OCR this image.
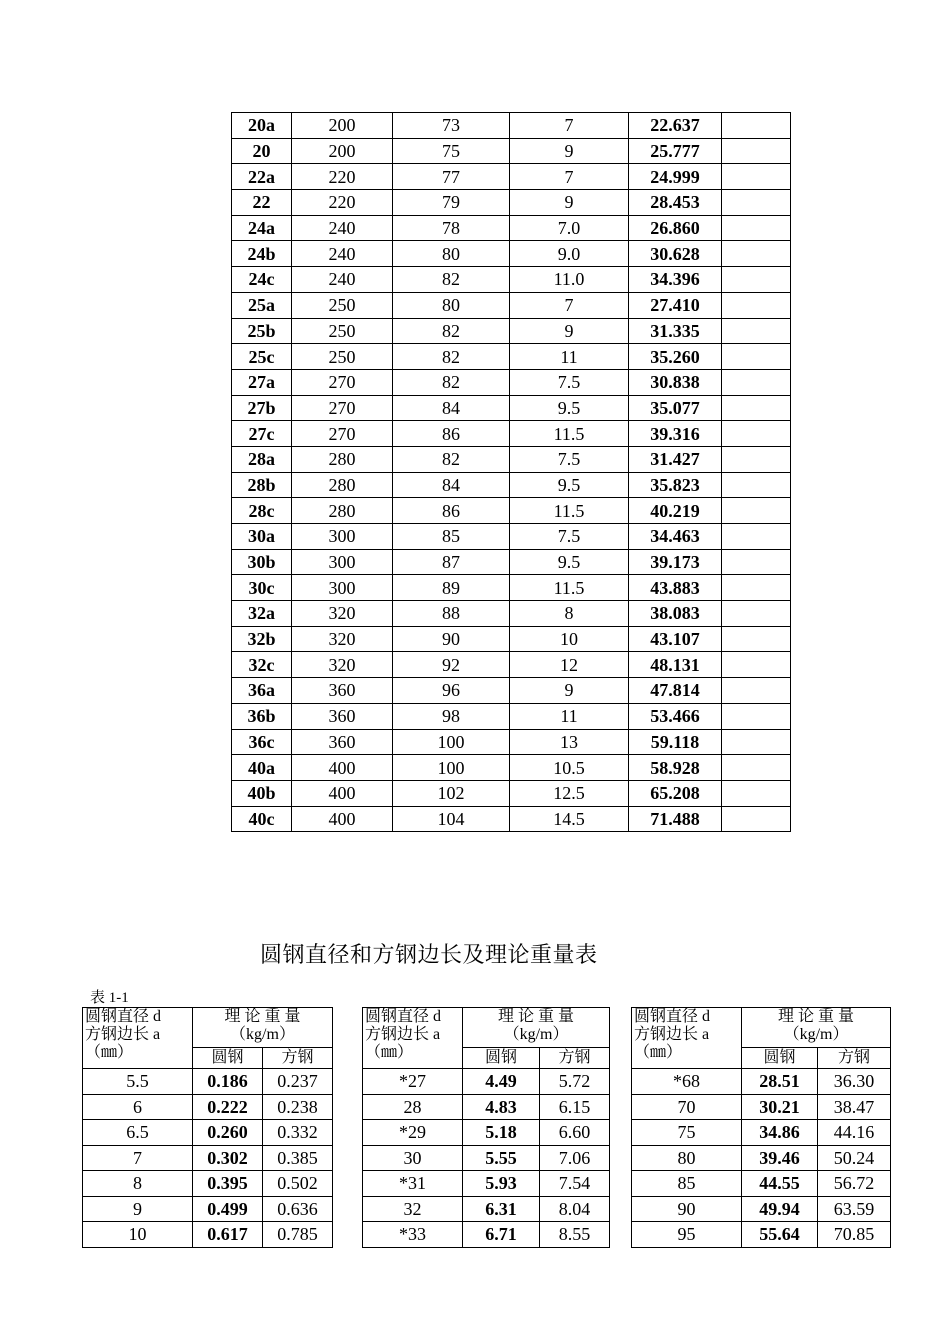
20a	200	73	7	22.637	
20	200	75	9	25.777	
22a	220	77	7	24.999	
22	220	79	9	28.453	
24a	240	78	7.0	26.860	
24b	240	80	9.0	30.628	
24c	240	82	11.0	34.396	
25a	250	80	7	27.410	
25b	250	82	9	31.335	
25c	250	82	11	35.260	
27a	270	82	7.5	30.838	
27b	270	84	9.5	35.077	
27c	270	86	11.5	39.316	
28a	280	82	7.5	31.427	
28b	280	84	9.5	35.823	
28c	280	86	11.5	40.219	
30a	300	85	7.5	34.463	
30b	300	87	9.5	39.173	
30c	300	89	11.5	43.883	
32a	320	88	8	38.083	
32b	320	90	10	43.107	
32c	320	92	12	48.131	
36a	360	96	9	47.814	
36b	360	98	11	53.466	
36c	360	100	13	59.118	
40a	400	100	10.5	58.928	
40b	400	102	12.5	65.208	
40c	400	104	14.5	71.488	
圆钢直径和方钢边长及理论重量表
表 1-1
圆钢直径 d
方钢边长 a
（㎜）	理 论 重 量
（kg/m）			圆钢直径 d
方钢边长 a
（㎜）	理 论 重 量
（kg/m）			圆钢直径 d
方钢边长 a
（㎜）	理 论 重 量
（kg/m）	

	圆钢	方钢			圆钢	方钢			圆钢	方钢
5.5	0.186	0.237		*27	4.49	5.72		*68	28.51	36.30
6	0.222	0.238		28	4.83	6.15		70	30.21	38.47
6.5	0.260	0.332		*29	5.18	6.60		75	34.86	44.16
7	0.302	0.385		30	5.55	7.06		80	39.46	50.24
8	0.395	0.502		*31	5.93	7.54		85	44.55	56.72
9	0.499	0.636		32	6.31	8.04		90	49.94	63.59
10	0.617	0.785		*33	6.71	8.55		95	55.64	70.85
